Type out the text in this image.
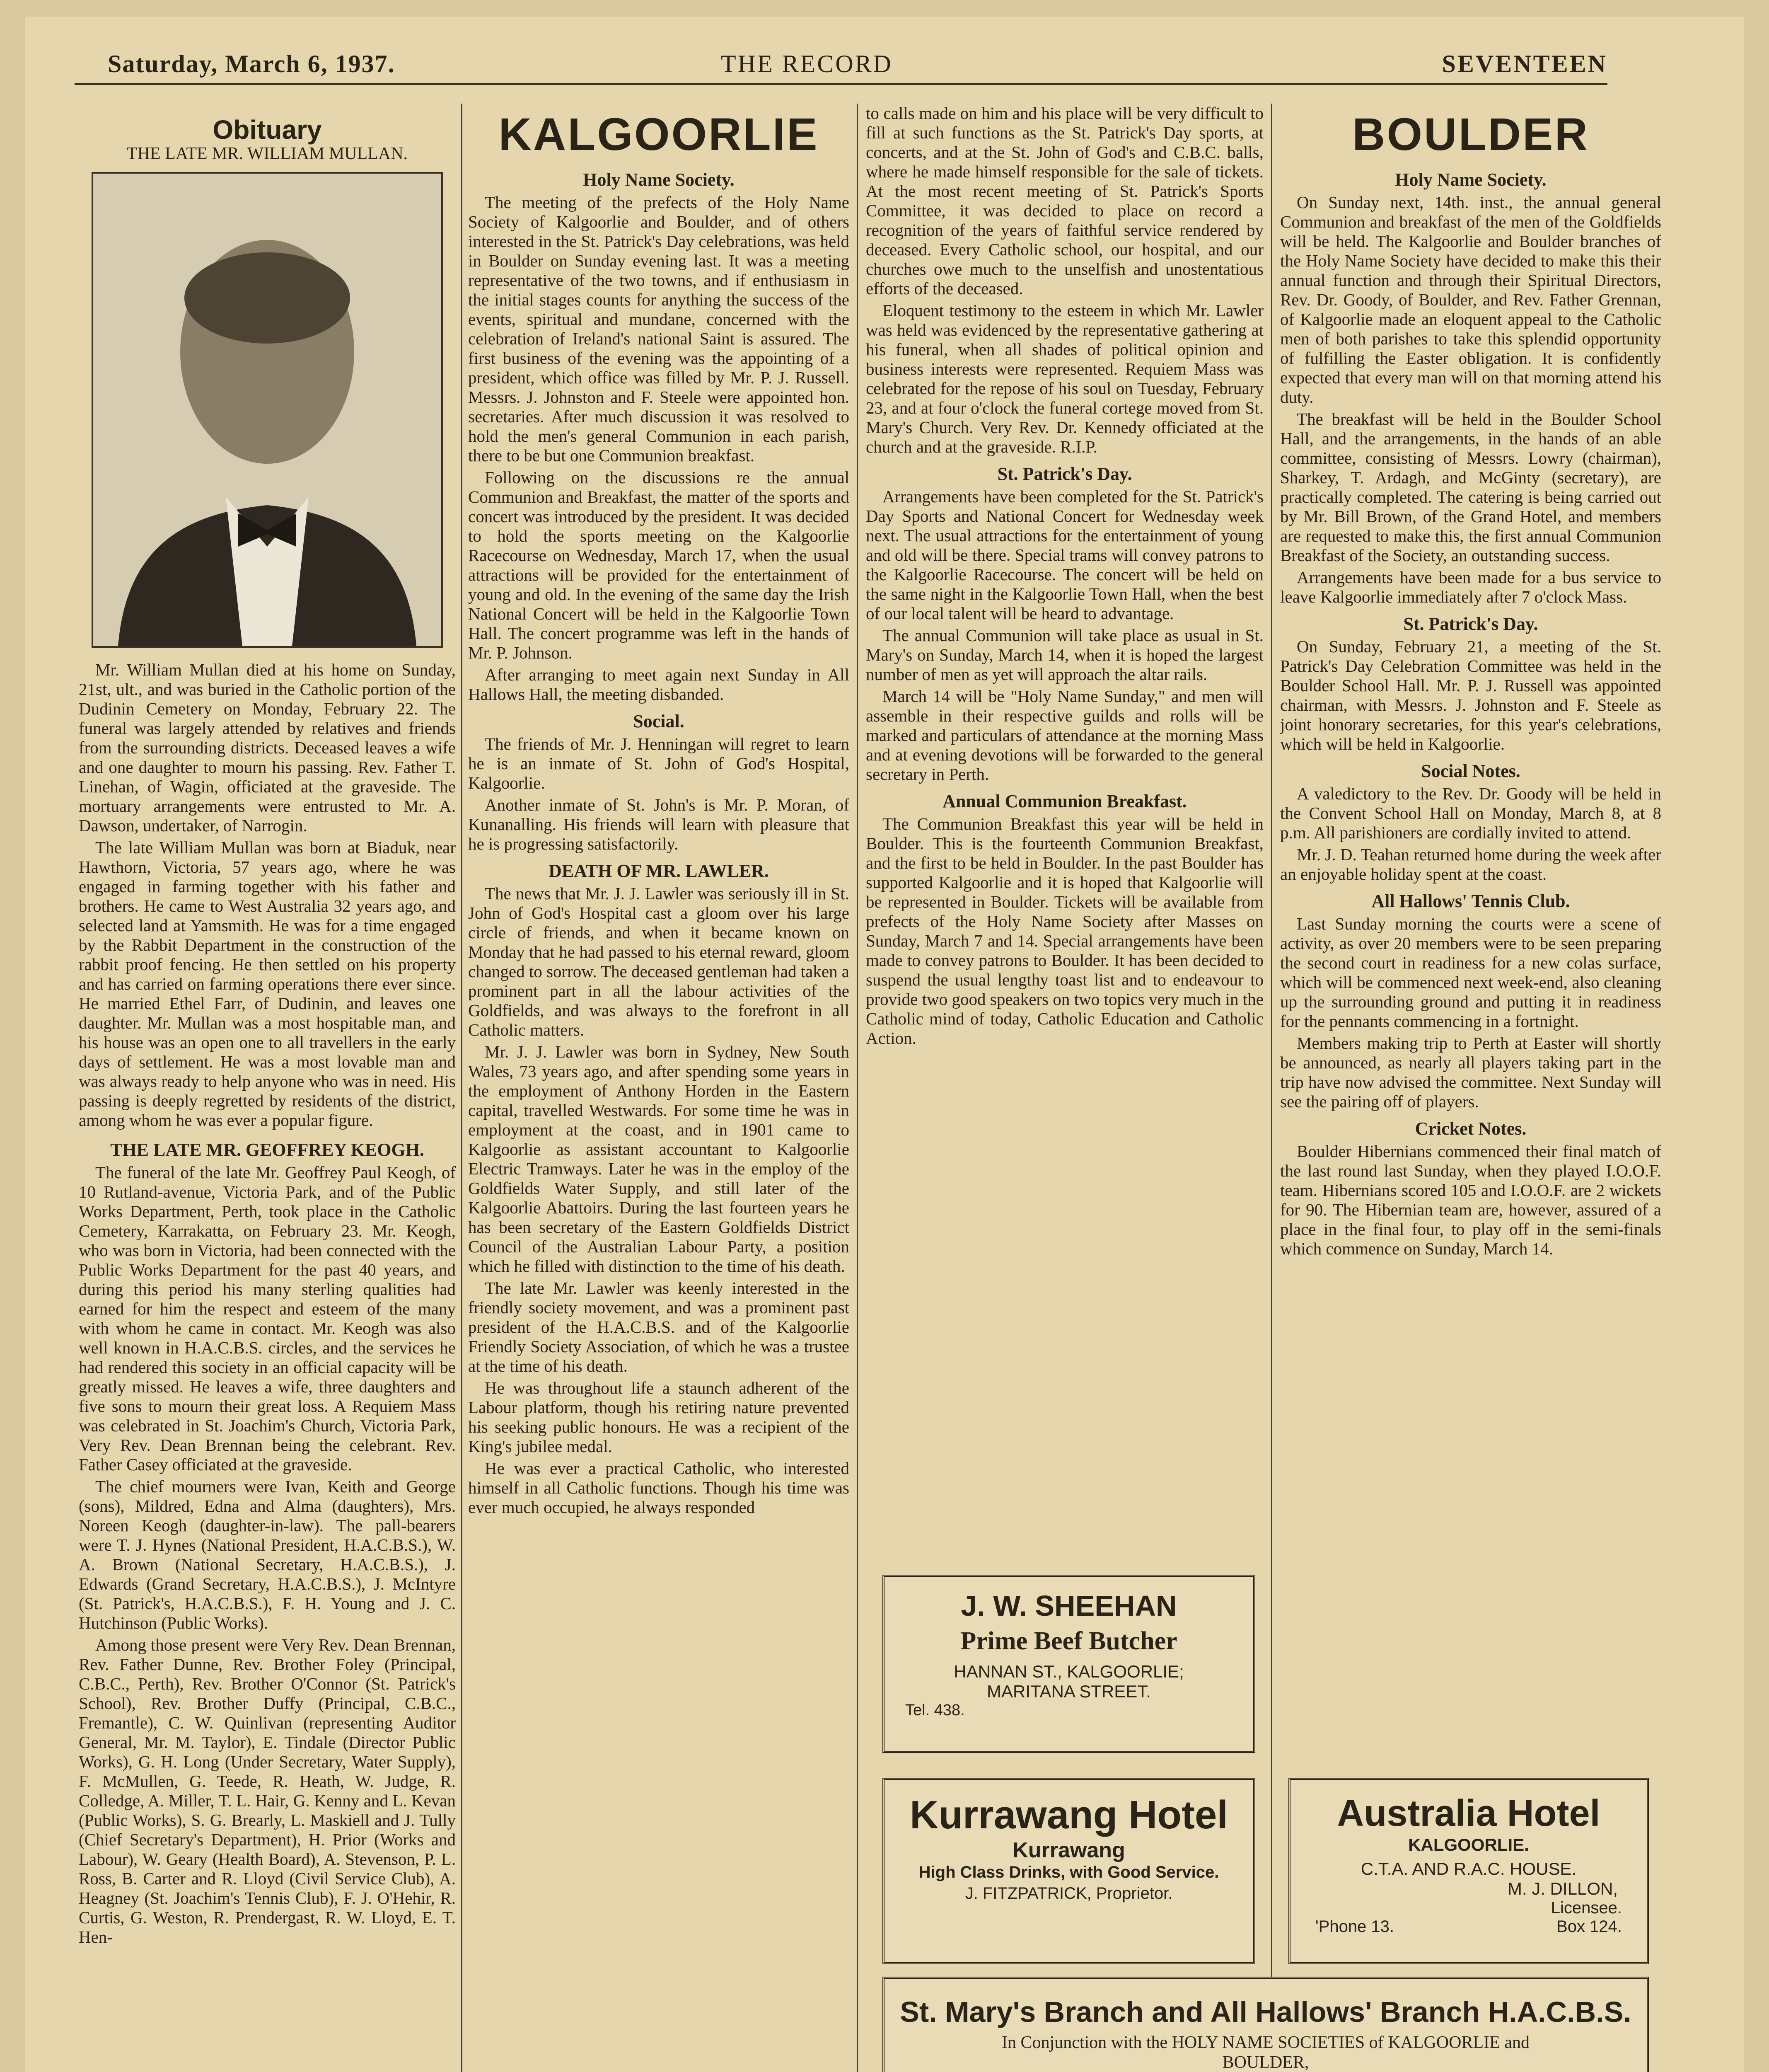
Saturday, March 6, 1937.	THE RECORD	SEVENTEEN
Obituary
THE LATE MR. WILLIAM MULLAN.

Mr. William Mullan died at his home on Sunday, 21st, ult., and was buried in the Catholic portion of the Dudinin Cemetery on Monday, February 22. The funeral was largely attended by relatives and friends from the surrounding districts. Deceased leaves a wife and one daughter to mourn his passing. Rev. Father T. Linehan, of Wagin, officiated at the graveside. The mortuary arrangements were entrusted to Mr. A. Dawson, undertaker, of Narrogin.

The late William Mullan was born at Biaduk, near Hawthorn, Victoria, 57 years ago, where he was engaged in farming together with his father and brothers. He came to West Australia 32 years ago, and selected land at Yamsmith. He was for a time engaged by the Rabbit Department in the construction of the rabbit proof fencing. He then settled on his property and has carried on farming operations there ever since. He married Ethel Farr, of Dudinin, and leaves one daughter. Mr. Mullan was a most hospitable man, and his house was an open one to all travellers in the early days of settlement. He was a most lovable man and was always ready to help anyone who was in need. His passing is deeply regretted by residents of the district, among whom he was ever a popular figure.

THE LATE MR. GEOFFREY KEOGH.

The funeral of the late Mr. Geoffrey Paul Keogh, of 10 Rutland-avenue, Victoria Park, and of the Public Works Department, Perth, took place in the Catholic Cemetery, Karrakatta, on February 23. Mr. Keogh, who was born in Victoria, had been connected with the Public Works Department for the past 40 years, and during this period his many sterling qualities had earned for him the respect and esteem of the many with whom he came in contact. Mr. Keogh was also well known in H.A.C.B.S. circles, and the services he had rendered this society in an official capacity will be greatly missed. He leaves a wife, three daughters and five sons to mourn their great loss. A Requiem Mass was celebrated in St. Joachim's Church, Victoria Park, Very Rev. Dean Brennan being the celebrant. Rev. Father Casey officiated at the graveside.

The chief mourners were Ivan, Keith and George (sons), Mildred, Edna and Alma (daughters), Mrs. Noreen Keogh (daughter-in-law). The pall-bearers were T. J. Hynes (National President, H.A.C.B.S.), W. A. Brown (National Secretary, H.A.C.B.S.), J. Edwards (Grand Secretary, H.A.C.B.S.), J. McIntyre (St. Patrick's, H.A.C.B.S.), F. H. Young and J. C. Hutchinson (Public Works).

Among those present were Very Rev. Dean Brennan, Rev. Father Dunne, Rev. Brother Foley (Principal, C.B.C., Perth), Rev. Brother O'Connor (St. Patrick's School), Rev. Brother Duffy (Principal, C.B.C., Fremantle), C. W. Quinlivan (representing Auditor General, Mr. M. Taylor), E. Tindale (Director Public Works), G. H. Long (Under Secretary, Water Supply), F. McMullen, G. Teede, R. Heath, W. Judge, R. Colledge, A. Miller, T. L. Hair, G. Kenny and L. Kevan (Public Works), S. G. Brearly, L. Maskiell and J. Tully (Chief Secretary's Department), H. Prior (Works and Labour), W. Geary (Health Board), A. Stevenson, P. L. Ross, B. Carter and R. Lloyd (Civil Service Club), A. Heagney (St. Joachim's Tennis Club), F. J. O'Hehir, R. Curtis, G. Weston, R. Prendergast, R. W. Lloyd, E. T. Hen-

KALGOORLIE
Holy Name Society.

The meeting of the prefects of the Holy Name Society of Kalgoorlie and Boulder, and of others interested in the St. Patrick's Day celebrations, was held in Boulder on Sunday evening last. It was a meeting representative of the two towns, and if enthusiasm in the initial stages counts for anything the success of the events, spiritual and mundane, concerned with the celebration of Ireland's national Saint is assured. The first business of the evening was the appointing of a president, which office was filled by Mr. P. J. Russell. Messrs. J. Johnston and F. Steele were appointed hon. secretaries. After much discussion it was resolved to hold the men's general Communion in each parish, there to be but one Communion breakfast.

Following on the discussions re the annual Communion and Breakfast, the matter of the sports and concert was introduced by the president. It was decided to hold the sports meeting on the Kalgoorlie Racecourse on Wednesday, March 17, when the usual attractions will be provided for the entertainment of young and old. In the evening of the same day the Irish National Concert will be held in the Kalgoorlie Town Hall. The concert programme was left in the hands of Mr. P. Johnson.

After arranging to meet again next Sunday in All Hallows Hall, the meeting disbanded.

Social.

The friends of Mr. J. Henningan will regret to learn he is an inmate of St. John of God's Hospital, Kalgoorlie.

Another inmate of St. John's is Mr. P. Moran, of Kunanalling. His friends will learn with pleasure that he is progressing satisfactorily.

DEATH OF MR. LAWLER.

The news that Mr. J. J. Lawler was seriously ill in St. John of God's Hospital cast a gloom over his large circle of friends, and when it became known on Monday that he had passed to his eternal reward, gloom changed to sorrow. The deceased gentleman had taken a prominent part in all the labour activities of the Goldfields, and was always to the forefront in all Catholic matters.

Mr. J. J. Lawler was born in Sydney, New South Wales, 73 years ago, and after spending some years in the employment of Anthony Horden in the Eastern capital, travelled Westwards. For some time he was in employment at the coast, and in 1901 came to Kalgoorlie as assistant accountant to Kalgoorlie Electric Tramways. Later he was in the employ of the Goldfields Water Supply, and still later of the Kalgoorlie Abattoirs. During the last fourteen years he has been secretary of the Eastern Goldfields District Council of the Australian Labour Party, a position which he filled with distinction to the time of his death.

The late Mr. Lawler was keenly interested in the friendly society movement, and was a prominent past president of the H.A.C.B.S. and of the Kalgoorlie Friendly Society Association, of which he was a trustee at the time of his death.

He was throughout life a staunch adherent of the Labour platform, though his retiring nature prevented his seeking public honours. He was a recipient of the King's jubilee medal.

He was ever a practical Catholic, who interested himself in all Catholic functions. Though his time was ever much occupied, he always responded

to calls made on him and his place will be very difficult to fill at such functions as the St. Patrick's Day sports, at concerts, and at the St. John of God's and C.B.C. balls, where he made himself responsible for the sale of tickets. At the most recent meeting of St. Patrick's Sports Committee, it was decided to place on record a recognition of the years of faithful service rendered by deceased. Every Catholic school, our hospital, and our churches owe much to the unselfish and unostentatious efforts of the deceased.

Eloquent testimony to the esteem in which Mr. Lawler was held was evidenced by the representative gathering at his funeral, when all shades of political opinion and business interests were represented. Requiem Mass was celebrated for the repose of his soul on Tuesday, February 23, and at four o'clock the funeral cortege moved from St. Mary's Church. Very Rev. Dr. Kennedy officiated at the church and at the graveside. R.I.P.

St. Patrick's Day.

Arrangements have been completed for the St. Patrick's Day Sports and National Concert for Wednesday week next. The usual attractions for the entertainment of young and old will be there. Special trams will convey patrons to the Kalgoorlie Racecourse. The concert will be held on the same night in the Kalgoorlie Town Hall, when the best of our local talent will be heard to advantage.

The annual Communion will take place as usual in St. Mary's on Sunday, March 14, when it is hoped the largest number of men as yet will approach the altar rails.

March 14 will be "Holy Name Sunday," and men will assemble in their respective guilds and rolls will be marked and particulars of attendance at the morning Mass and at evening devotions will be forwarded to the general secretary in Perth.

Annual Communion Breakfast.

The Communion Breakfast this year will be held in Boulder. This is the fourteenth Communion Breakfast, and the first to be held in Boulder. In the past Boulder has supported Kalgoorlie and it is hoped that Kalgoorlie will be represented in Boulder. Tickets will be available from prefects of the Holy Name Society after Masses on Sunday, March 7 and 14. Special arrangements have been made to convey patrons to Boulder. It has been decided to suspend the usual lengthy toast list and to endeavour to provide two good speakers on two topics very much in the Catholic mind of today, Catholic Education and Catholic Action.

BOULDER
Holy Name Society.

On Sunday next, 14th. inst., the annual general Communion and breakfast of the men of the Goldfields will be held. The Kalgoorlie and Boulder branches of the Holy Name Society have decided to make this their annual function and through their Spiritual Directors, Rev. Dr. Goody, of Boulder, and Rev. Father Grennan, of Kalgoorlie made an eloquent appeal to the Catholic men of both parishes to take this splendid opportunity of fulfilling the Easter obligation. It is confidently expected that every man will on that morning attend his duty.

The breakfast will be held in the Boulder School Hall, and the arrangements, in the hands of an able committee, consisting of Messrs. Lowry (chairman), Sharkey, T. Ardagh, and McGinty (secretary), are practically completed. The catering is being carried out by Mr. Bill Brown, of the Grand Hotel, and members are requested to make this, the first annual Communion Breakfast of the Society, an outstanding success.

Arrangements have been made for a bus service to leave Kalgoorlie immediately after 7 o'clock Mass.

St. Patrick's Day.

On Sunday, February 21, a meeting of the St. Patrick's Day Celebration Committee was held in the Boulder School Hall. Mr. P. J. Russell was appointed chairman, with Messrs. J. Johnston and F. Steele as joint honorary secretaries, for this year's celebrations, which will be held in Kalgoorlie.

Social Notes.

A valedictory to the Rev. Dr. Goody will be held in the Convent School Hall on Monday, March 8, at 8 p.m. All parishioners are cordially invited to attend.

Mr. J. D. Teahan returned home during the week after an enjoyable holiday spent at the coast.

All Hallows' Tennis Club.

Last Sunday morning the courts were a scene of activity, as over 20 members were to be seen preparing the second court in readiness for a new colas surface, which will be commenced next week-end, also cleaning up the surrounding ground and putting it in readiness for the pennants commencing in a fortnight.

Members making trip to Perth at Easter will shortly be announced, as nearly all players taking part in the trip have now advised the committee. Next Sunday will see the pairing off of players.

Cricket Notes.

Boulder Hibernians commenced their final match of the last round last Sunday, when they played I.O.O.F. team. Hibernians scored 105 and I.O.O.F. are 2 wickets for 90. The Hibernian team are, however, assured of a place in the final four, to play off in the semi-finals which commence on Sunday, March 14.

J. W. SHEEHAN
Prime Beef Butcher
HANNAN ST., KALGOORLIE;
MARITANA STREET.
Tel. 438.
Kurrawang Hotel
Kurrawang
High Class Drinks, with Good Service.
J. FITZPATRICK, Proprietor.
Australia Hotel
KALGOORLIE.
C.T.A. AND R.A.C. HOUSE.
M. J. DILLON,
Licensee.
'Phone 13.	Box 124.
St. Mary's Branch and All Hallows' Branch H.A.C.B.S.
In Conjunction with the HOLY NAME SOCIETIES of KALGOORLIE and BOULDER,
